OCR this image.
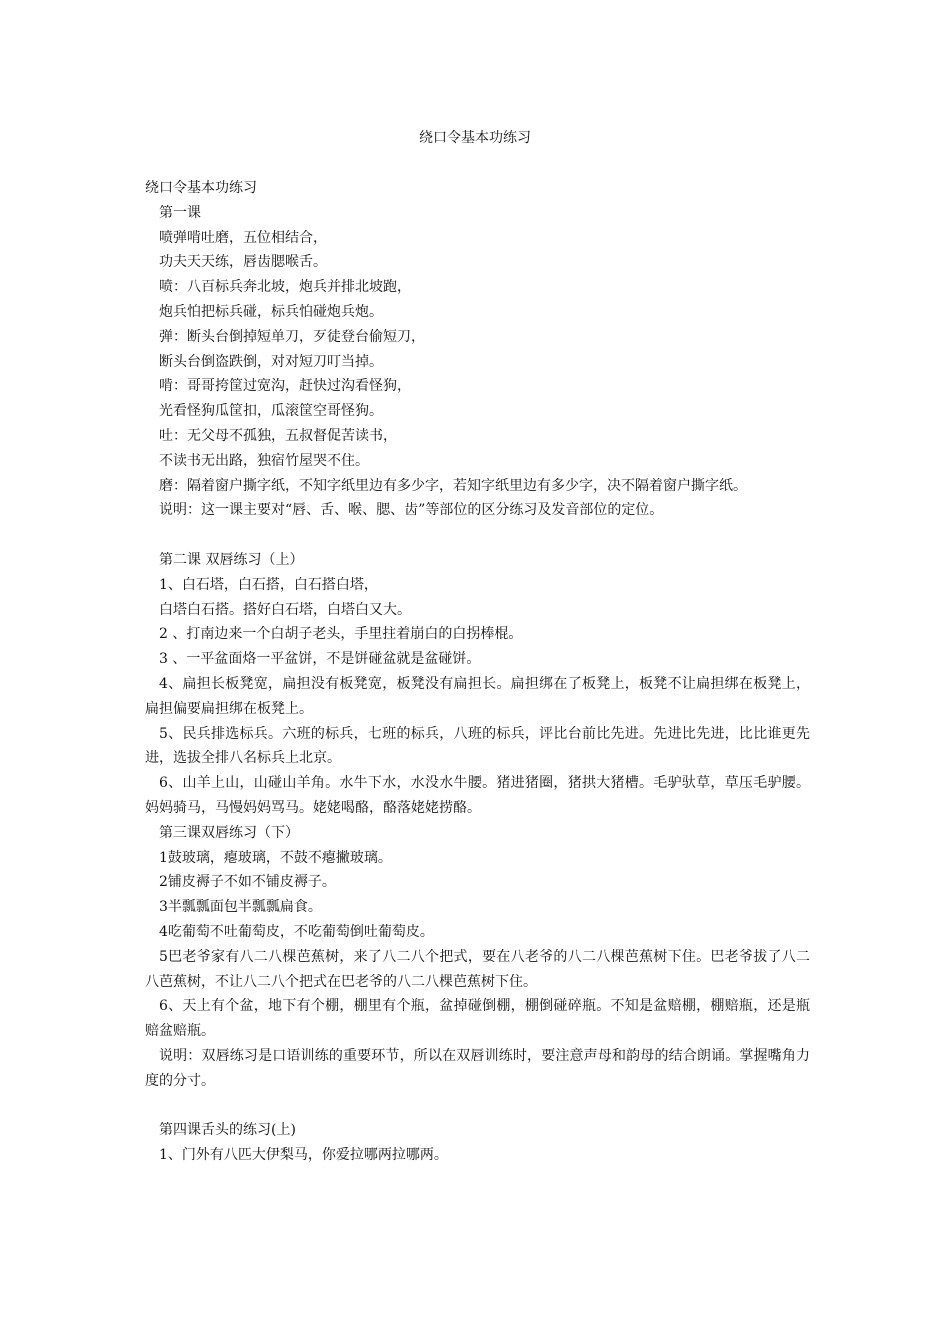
绕口令基本功练习

绕口令基本功练习

第一课

喷弹啃吐磨，五位相结合，

功夫天天练，唇齿腮喉舌。

喷：八百标兵奔北坡，炮兵并排北坡跑，

炮兵怕把标兵碰，标兵怕碰炮兵炮。

弹：断头台倒掉短单刀，歹徒登台偷短刀，

断头台倒盗跌倒，对对短刀叮当掉。

啃：哥哥挎筐过宽沟，赶快过沟看怪狗，

光看怪狗瓜筐扣，瓜滚筐空哥怪狗。

吐：无父母不孤独，五叔督促苦读书，

不读书无出路，独宿竹屋哭不住。

磨：隔着窗户撕字纸，不知字纸里边有多少字，若知字纸里边有多少字，决不隔着窗户撕字纸。

说明：这一课主要对“唇、舌、喉、腮、齿”等部位的区分练习及发音部位的定位。

第二课 双唇练习（上）

1、白石塔，白石搭，白石搭白塔，

白塔白石搭。搭好白石塔，白塔白又大。

2 、打南边来一个白胡子老头，手里拄着崩白的白拐棒棍。

3 、一平盆面烙一平盆饼，不是饼碰盆就是盆碰饼。

4、扁担长板凳宽，扁担没有板凳宽，板凳没有扁担长。扁担绑在了板凳上，板凳不让扁担绑在板凳上，扁担偏要扁担绑在板凳上。

5、民兵排选标兵。六班的标兵，七班的标兵，八班的标兵，评比台前比先进。先进比先进，比比谁更先进，选拔全排八名标兵上北京。

6、山羊上山，山碰山羊角。水牛下水，水没水牛腰。猪进猪圈，猪拱大猪槽。毛驴驮草，草压毛驴腰。妈妈骑马，马慢妈妈骂马。姥姥喝酪，酪落姥姥捞酪。

第三课双唇练习（下）

1鼓玻璃，瘪玻璃，不鼓不瘪撇玻璃。

2铺皮褥子不如不铺皮褥子。

3半瓢瓢面包半瓢瓢扁食。

4吃葡萄不吐葡萄皮，不吃葡萄倒吐葡萄皮。

5巴老爷家有八二八棵芭蕉树，来了八二八个把式，要在八老爷的八二八棵芭蕉树下住。巴老爷拔了八二八芭蕉树，不让八二八个把式在巴老爷的八二八棵芭蕉树下住。

6、天上有个盆，地下有个棚，棚里有个瓶，盆掉碰倒棚，棚倒碰碎瓶。不知是盆赔棚，棚赔瓶，还是瓶赔盆赔瓶。

说明：双唇练习是口语训练的重要环节，所以在双唇训练时，要注意声母和韵母的结合朗诵。掌握嘴角力度的分寸。

第四课舌头的练习(上)

1、门外有八匹大伊梨马，你爱拉哪两拉哪两。
